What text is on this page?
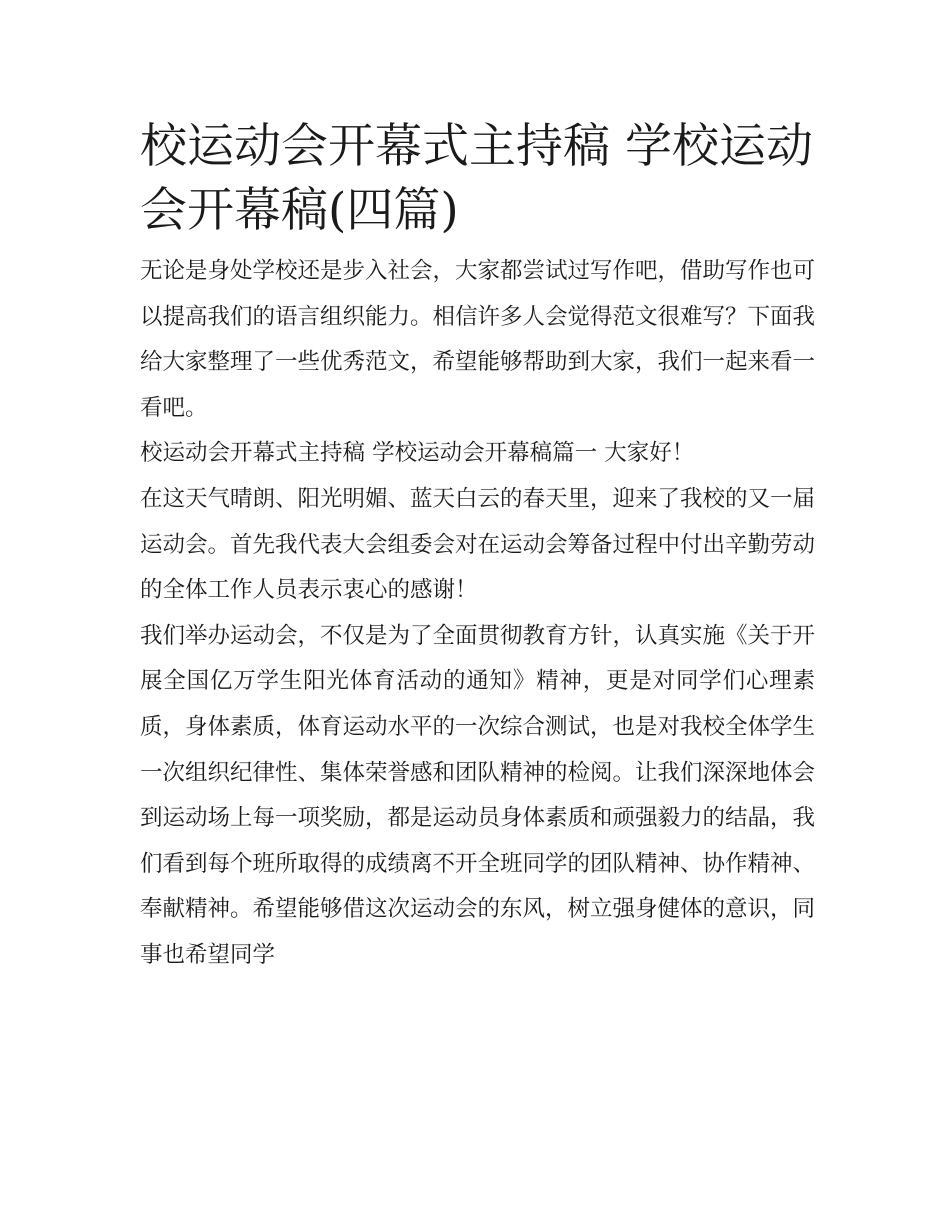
校运动会开幕式主持稿 学校运动会开幕稿(四篇)

无论是身处学校还是步入社会，大家都尝试过写作吧，借助写作也可以提高我们的语言组织能力。相信许多人会觉得范文很难写？下面我给大家整理了一些优秀范文，希望能够帮助到大家，我们一起来看一看吧。

校运动会开幕式主持稿 学校运动会开幕稿篇一 大家好！

在这天气晴朗、阳光明媚、蓝天白云的春天里，迎来了我校的又一届运动会。首先我代表大会组委会对在运动会筹备过程中付出辛勤劳动的全体工作人员表示衷心的感谢！

我们举办运动会，不仅是为了全面贯彻教育方针，认真实施《关于开展全国亿万学生阳光体育活动的通知》精神，更是对同学们心理素质，身体素质，体育运动水平的一次综合测试，也是对我校全体学生一次组织纪律性、集体荣誉感和团队精神的检阅。让我们深深地体会到运动场上每一项奖励，都是运动员身体素质和顽强毅力的结晶，我们看到每个班所取得的成绩离不开全班同学的团队精神、协作精神、奉献精神。希望能够借这次运动会的东风，树立强身健体的意识，同事也希望同学
